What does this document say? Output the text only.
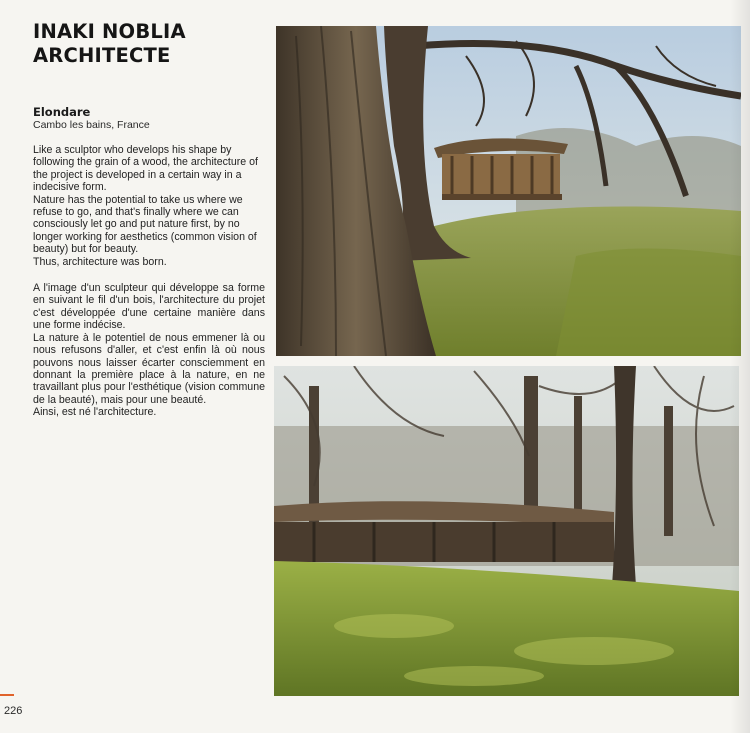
INAKI NOBLIA
ARCHITECTE
Elondare
Cambo les bains, France

Like a sculptor who develops his shape by following the grain of a wood, the architecture of the project is developed in a certain way in a indecisive form.

Nature has the potential to take us where we refuse to go, and that's finally where we can consciously let go and put nature first, by no longer working for aesthetics (common vision of beauty) but for beauty.

Thus, architecture was born.

A l'image d'un sculpteur qui développe sa forme en suivant le fil d'un bois, l'architecture du projet c'est développée d'une certaine manière dans une forme indécise.

La nature à le potentiel de nous emmener là ou nous refusons d'aller, et c'est enfin là où nous pouvons nous laisser écarter consciemment en donnant la première place à la nature, en ne travaillant plus pour l'esthétique (vision commune de la beauté), mais pour une beauté.

Ainsi, est né l'architecture.

226
